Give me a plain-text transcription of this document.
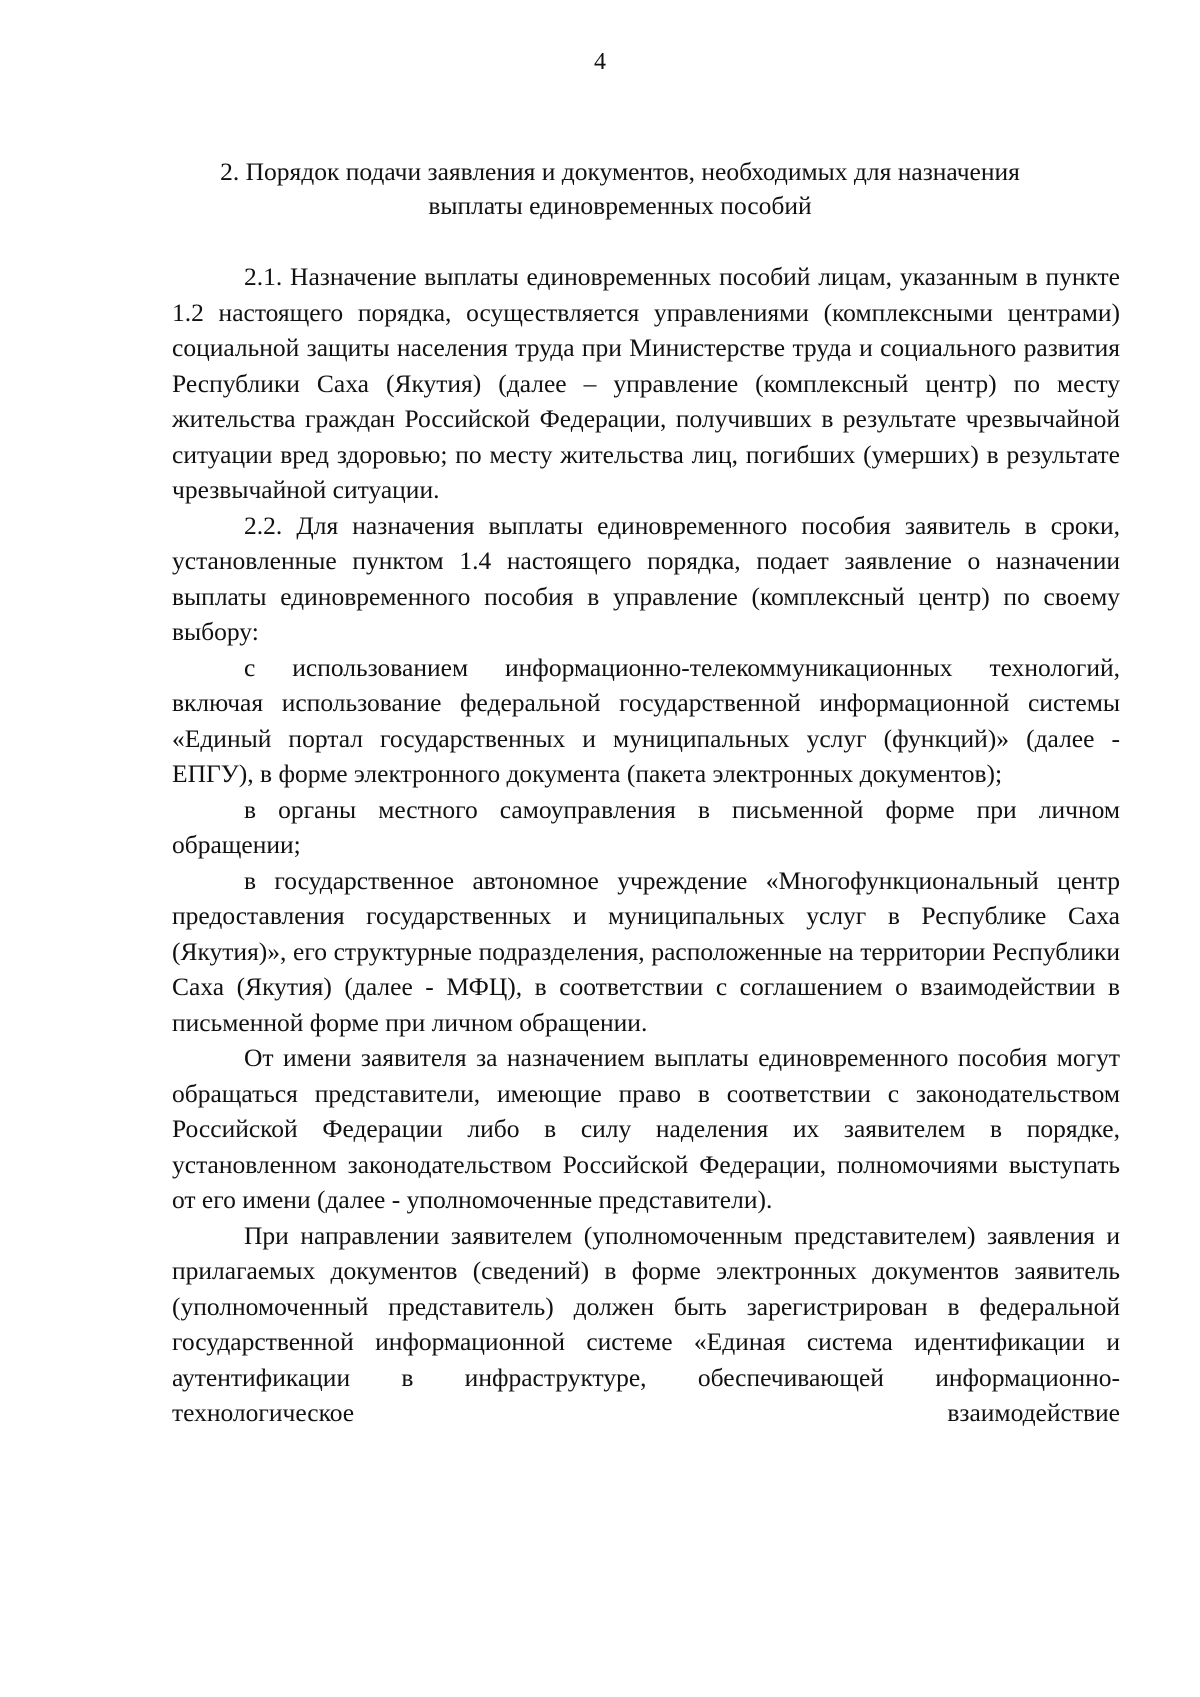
4
2. Порядок подачи заявления и документов, необходимых для назначения
выплаты единовременных пособий

2.1. Назначение выплаты единовременных пособий лицам, указанным в пункте 1.2 настоящего порядка, осуществляется управлениями (комплексными центрами) социальной защиты населения труда при Министерстве труда и социального развития Республики Саха (Якутия) (далее – управление (комплексный центр) по месту жительства граждан Российской Федерации, получивших в результате чрезвычайной ситуации вред здоровью; по месту жительства лиц, погибших (умерших) в результате чрезвычайной ситуации.

2.2. Для назначения выплаты единовременного пособия заявитель в сроки, установленные пунктом 1.4 настоящего порядка, подает заявление о назначении выплаты единовременного пособия в управление (комплексный центр) по своему выбору:

с использованием информационно-телекоммуникационных технологий, включая использование федеральной государственной информационной системы «Единый портал государственных и муниципальных услуг (функций)» (далее - ЕПГУ), в форме электронного документа (пакета электронных документов);

в органы местного самоуправления в письменной форме при личном обращении;

в государственное автономное учреждение «Многофункциональный центр предоставления государственных и муниципальных услуг в Республике Саха (Якутия)», его структурные подразделения, расположенные на территории Республики Саха (Якутия) (далее - МФЦ), в соответствии с соглашением о взаимодействии в письменной форме при личном обращении.

От имени заявителя за назначением выплаты единовременного пособия могут обращаться представители, имеющие право в соответствии с законодательством Российской Федерации либо в силу наделения их заявителем в порядке, установленном законодательством Российской Федерации, полномочиями выступать от его имени (далее - уполномоченные представители).

При направлении заявителем (уполномоченным представителем) заявления и прилагаемых документов (сведений) в форме электронных документов заявитель (уполномоченный представитель) должен быть зарегистрирован в федеральной государственной информационной системе «Единая система идентификации и аутентификации в инфраструктуре, обеспечивающей информационно-технологическое взаимодействие
